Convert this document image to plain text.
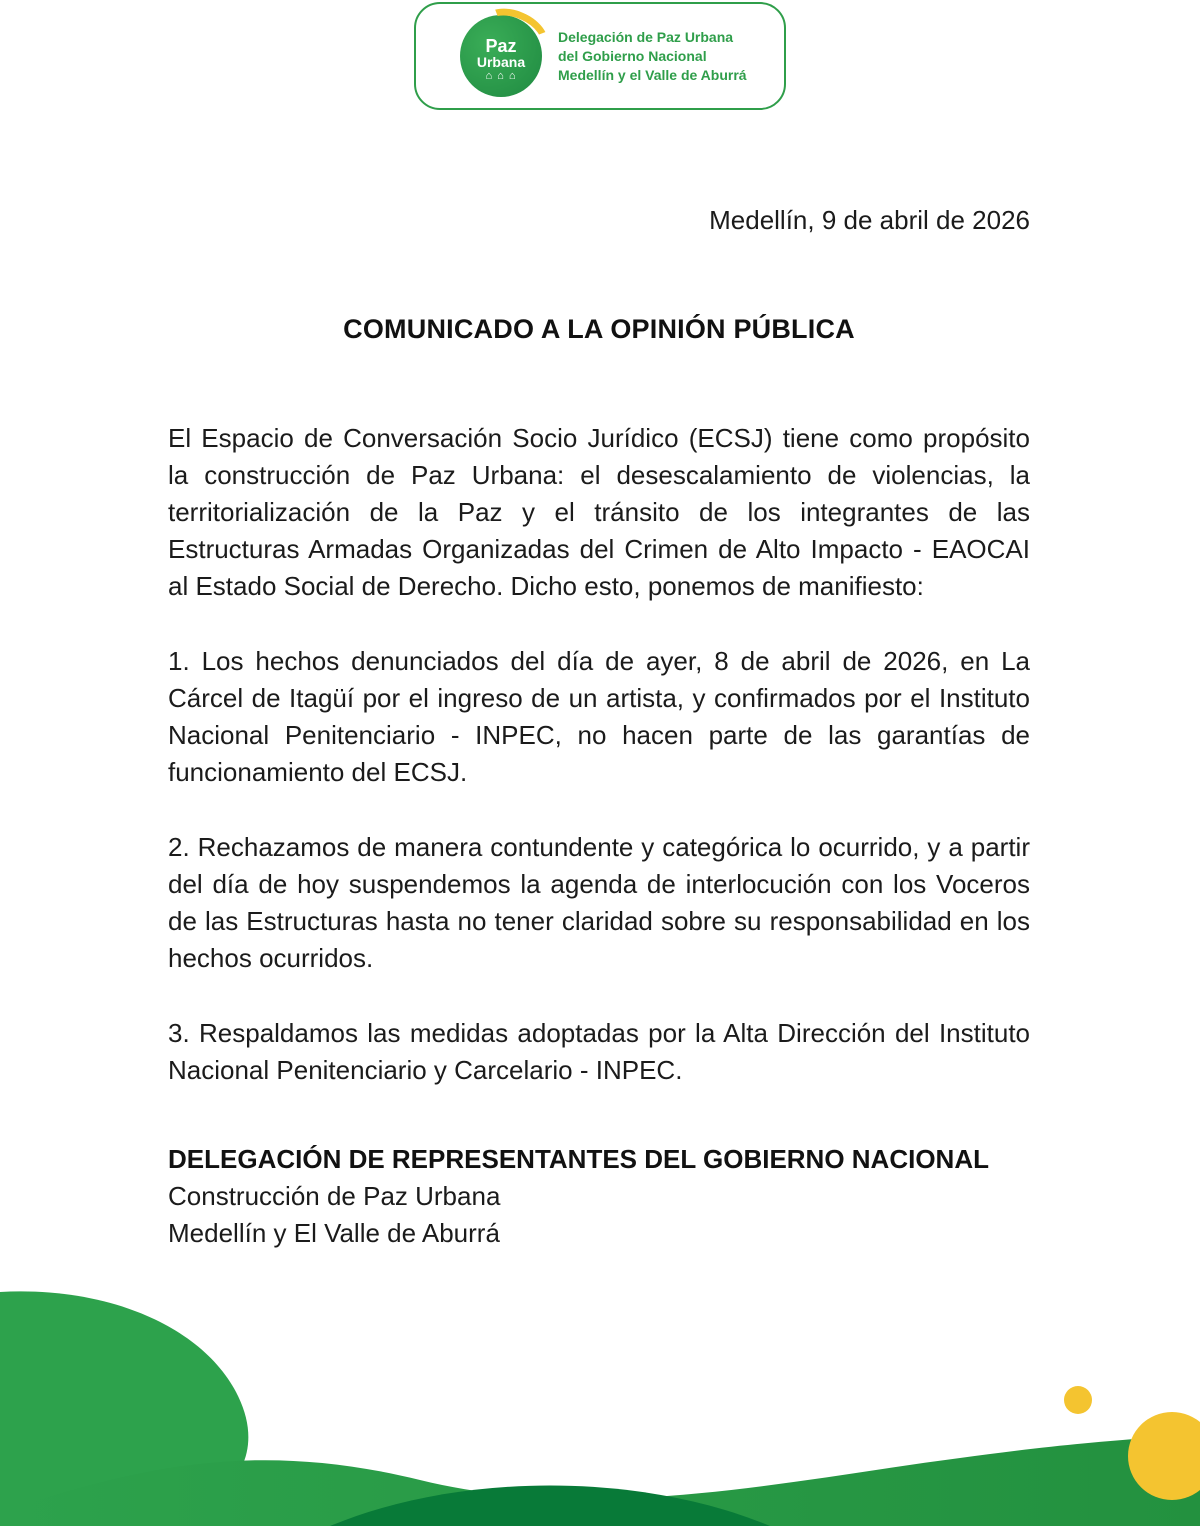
Paz
Urbana
⌂ ⌂ ⌂
Delegación de Paz Urbana
del Gobierno Nacional
Medellín y el Valle de Aburrá
Medellín, 9 de abril de 2026
COMUNICADO A LA OPINIÓN PÚBLICA

El Espacio de Conversación Socio Jurídico (ECSJ) tiene como propósito la construcción de Paz Urbana: el desescalamiento de violencias, la territorialización de la Paz y el tránsito de los integrantes de las Estructuras Armadas Organizadas del Crimen de Alto Impacto - EAOCAI al Estado Social de Derecho. Dicho esto, ponemos de manifiesto:

1. Los hechos denunciados del día de ayer, 8 de abril de 2026, en La Cárcel de Itagüí por el ingreso de un artista, y confirmados por el Instituto Nacional Penitenciario - INPEC, no hacen parte de las garantías de funcionamiento del ECSJ.

2. Rechazamos de manera contundente y categórica lo ocurrido, y a partir del día de hoy suspendemos la agenda de interlocución con los Voceros de las Estructuras hasta no tener claridad sobre su responsabilidad en los hechos ocurridos.

3. Respaldamos las medidas adoptadas por la Alta Dirección del Instituto Nacional Penitenciario y Carcelario - INPEC.

DELEGACIÓN DE REPRESENTANTES DEL GOBIERNO NACIONAL
Construcción de Paz Urbana
Medellín y El Valle de Aburrá
